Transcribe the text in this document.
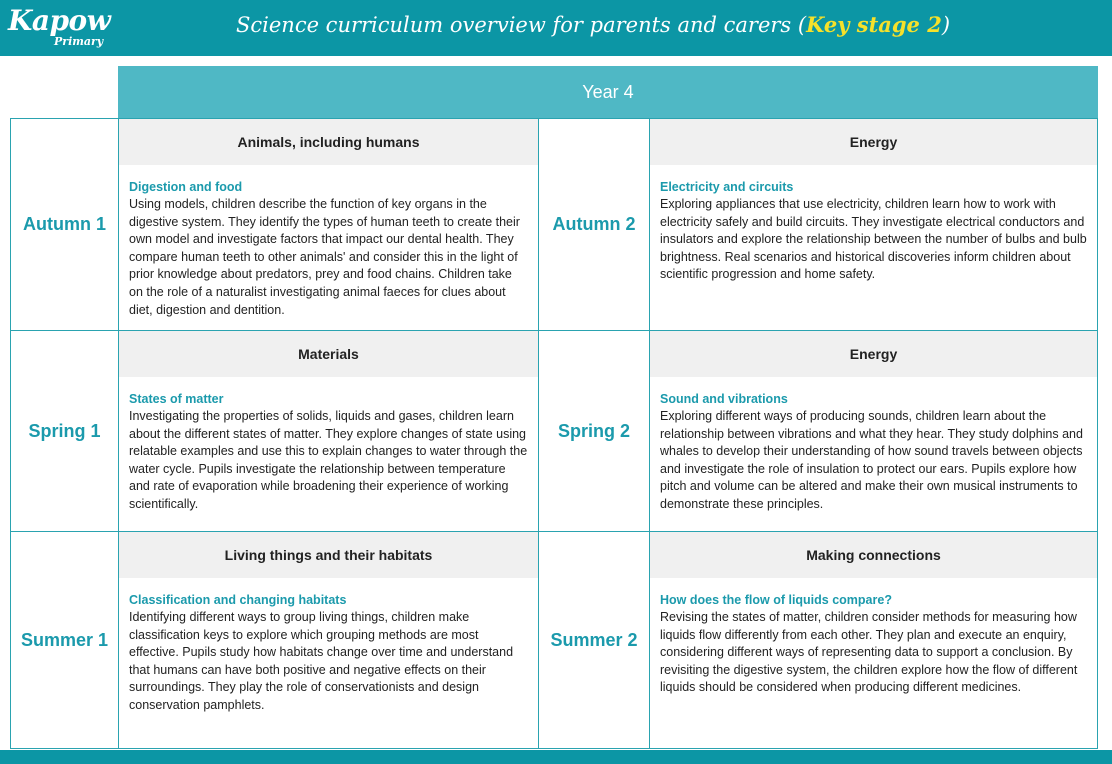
Kapow
Primary
Science curriculum overview for parents and carers (Key stage 2)
Year 4
Autumn 1
Animals, including humans
Digestion and food
Using models, children describe the function of key organs in the digestive system. They identify the types of human teeth to create their own model and investigate factors that impact our dental health. They compare human teeth to other animals' and consider this in the light of prior knowledge about predators, prey and food chains. Children take on the role of a naturalist investigating animal faeces for clues about diet, digestion and dentition.
Autumn 2
Energy
Electricity and circuits
Exploring appliances that use electricity, children learn how to work with electricity safely and build circuits. They investigate electrical conductors and insulators and explore the relationship between the number of bulbs and bulb brightness. Real scenarios and historical discoveries inform children about scientific progression and home safety.
Spring 1
Materials
States of matter
Investigating the properties of solids, liquids and gases, children learn about the different states of matter. They explore changes of state using relatable examples and use this to explain changes to water through the water cycle. Pupils investigate the relationship between temperature and rate of evaporation while broadening their experience of working scientifically.
Spring 2
Energy
Sound and vibrations
Exploring different ways of producing sounds, children learn about the relationship between vibrations and what they hear. They study dolphins and whales to develop their understanding of how sound travels between objects and investigate the role of insulation to protect our ears. Pupils explore how pitch and volume can be altered and make their own musical instruments to demonstrate these principles.
Summer 1
Living things and their habitats
Classification and changing habitats
Identifying different ways to group living things, children make classification keys to explore which grouping methods are most effective. Pupils study how habitats change over time and understand that humans can have both positive and negative effects on their surroundings. They play the role of conservationists and design conservation pamphlets.
Summer 2
Making connections
How does the flow of liquids compare?
Revising the states of matter, children consider methods for measuring how liquids flow differently from each other. They plan and execute an enquiry, considering different ways of representing data to support a conclusion. By revisiting the digestive system, the children explore how the flow of different liquids should be considered when producing different medicines.
